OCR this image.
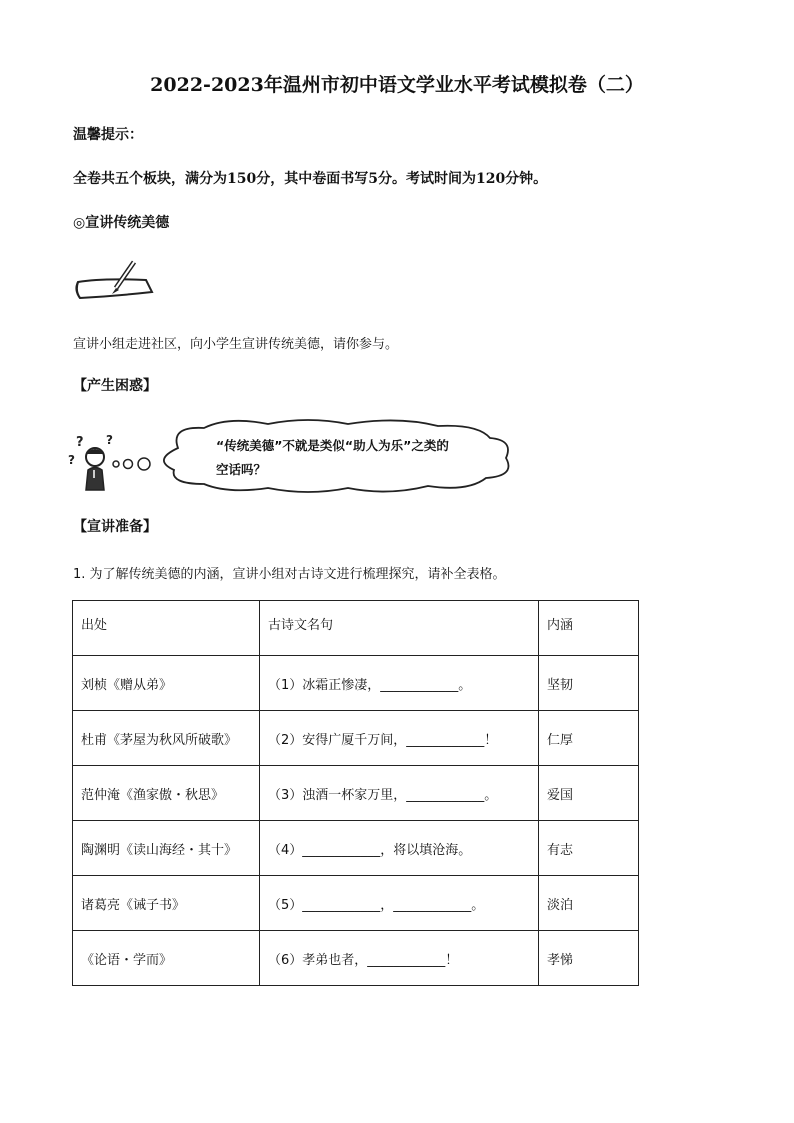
2022-2023年温州市初中语文学业水平考试模拟卷（二）
温馨提示：
全卷共五个板块，满分为150分，其中卷面书写5分。考试时间为120分钟。
◎宣讲传统美德
宣讲小组走进社区，向小学生宣讲传统美德，请你参与。
【产生困惑】
? ?
?
“传统美德”不就是类似“助人为乐”之类的空话吗？
【宣讲准备】
1. 为了解传统美德的内涵，宣讲小组对古诗文进行梳理探究，请补全表格。
出处	古诗文名句	内涵
刘桢《赠从弟》	（1）冰霜正惨凄，____________。	坚韧
杜甫《茅屋为秋风所破歌》	（2）安得广厦千万间，____________！	仁厚
范仲淹《渔家傲・秋思》	（3）浊酒一杯家万里，____________。	爱国
陶渊明《读山海经・其十》	（4）____________，将以填沧海。	有志
诸葛亮《诫子书》	（5）____________，____________。	淡泊
《论语・学而》	（6）孝弟也者，____________！	孝悌
